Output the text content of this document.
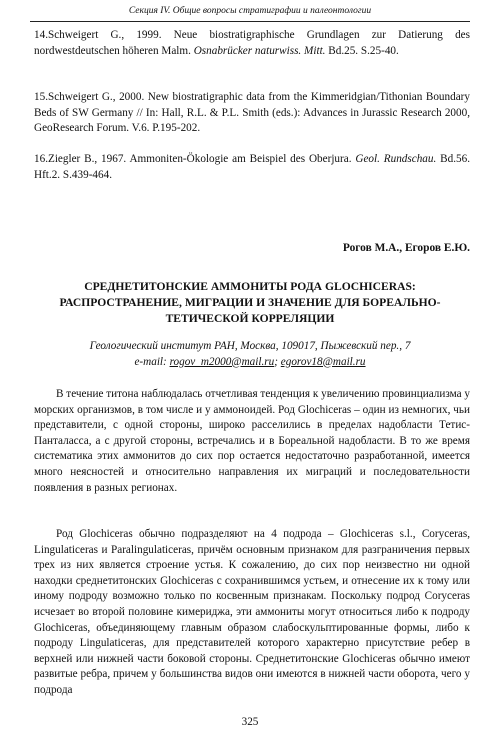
Секция IV. Общие вопросы стратиграфии и палеонтологии
14.Schweigert G., 1999. Neue biostratigraphische Grundlagen zur Datierung des nordwestdeutschen höheren Malm. Osnabrücker naturwiss. Mitt. Bd.25. S.25-40.
15.Schweigert G., 2000. New biostratigraphic data from the Kimmeridgian/Tithonian Boundary Beds of SW Germany // In: Hall, R.L. & P.L. Smith (eds.): Advances in Jurassic Research 2000, GeoResearch Forum. V.6. P.195-202.
16.Ziegler B., 1967. Ammoniten-Ökologie am Beispiel des Oberjura. Geol. Rundschau. Bd.56. Hft.2. S.439-464.
Рогов М.А., Егоров Е.Ю.
СРЕДНЕТИТОНСКИЕ АММОНИТЫ РОДА GLOCHICERAS:
РАСПРОСТРАНЕНИЕ, МИГРАЦИИ И ЗНАЧЕНИЕ ДЛЯ БОРЕАЛЬНО-
ТЕТИЧЕСКОЙ КОРРЕЛЯЦИИ
Геологический институт РАН, Москва, 109017, Пыжевский пер., 7
e-mail: rogov_m2000@mail.ru; egorov18@mail.ru
В течение титона наблюдалась отчетливая тенденция к увеличению провинциализма у морских организмов, в том числе и у аммоноидей. Род Glochiceras – один из немногих, чьи представители, с одной стороны, широко расселились в пределах надобласти Тетис-Панталасса, а с другой стороны, встречались и в Бореальной надобласти. В то же время систематика этих аммонитов до сих пор остается недостаточно разработанной, имеется много неясностей и относительно направления их миграций и последовательности появления в разных регионах.
Род Glochiceras обычно подразделяют на 4 подрода – Glochiceras s.l., Coryceras, Lingulaticeras и Paralingulaticeras, причём основным признаком для разграничения первых трех из них является строение устья. К сожалению, до сих пор неизвестно ни одной находки среднетитонских Glochiceras с сохранившимся устьем, и отнесение их к тому или иному подроду возможно только по косвенным признакам. Поскольку подрод Coryceras исчезает во второй половине кимериджа, эти аммониты могут относиться либо к подроду Glochiceras, объединяющему главным образом слабоскульптированные формы, либо к подроду Lingulaticeras, для представителей которого характерно присутствие ребер в верхней или нижней части боковой стороны. Среднетитонские Glochiceras обычно имеют развитые ребра, причем у большинства видов они имеются в нижней части оборота, чего у подрода
325
